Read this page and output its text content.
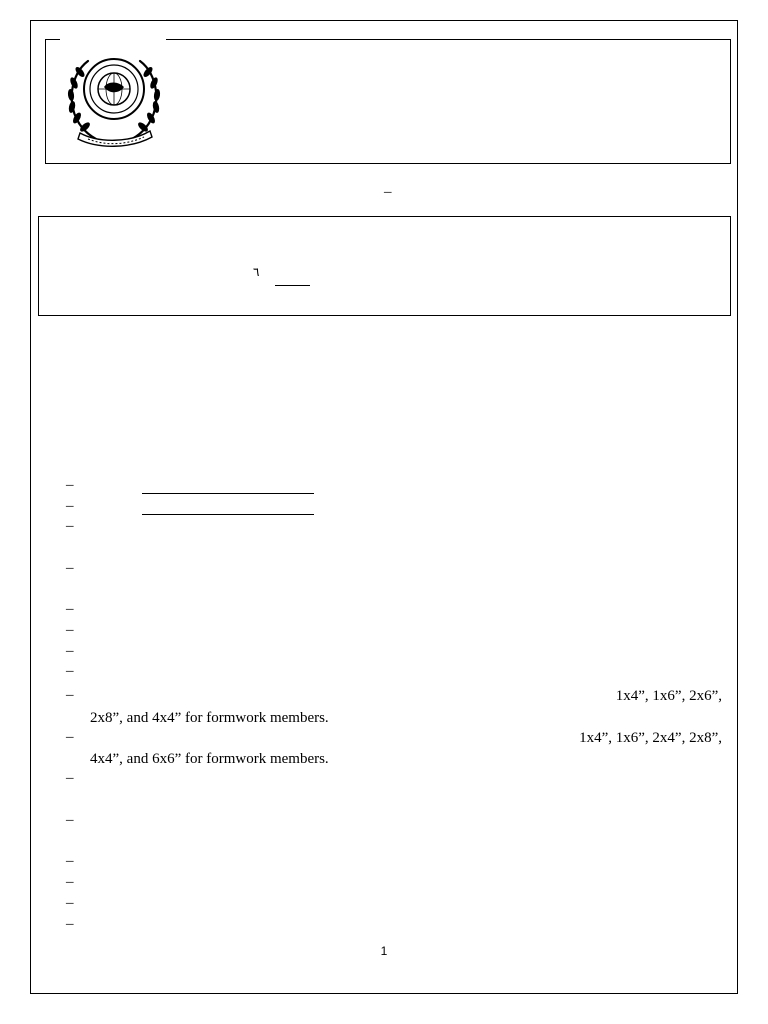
–
٦
–
–
–
–
–
–
–
–
–	1x4”, 1x6”, 2x6”,
2x8”, and 4x4” for formwork members.
–	1x4”, 1x6”, 2x4”, 2x8”,
4x4”, and 6x6” for formwork members.
–
–
–
–
–
–
1
